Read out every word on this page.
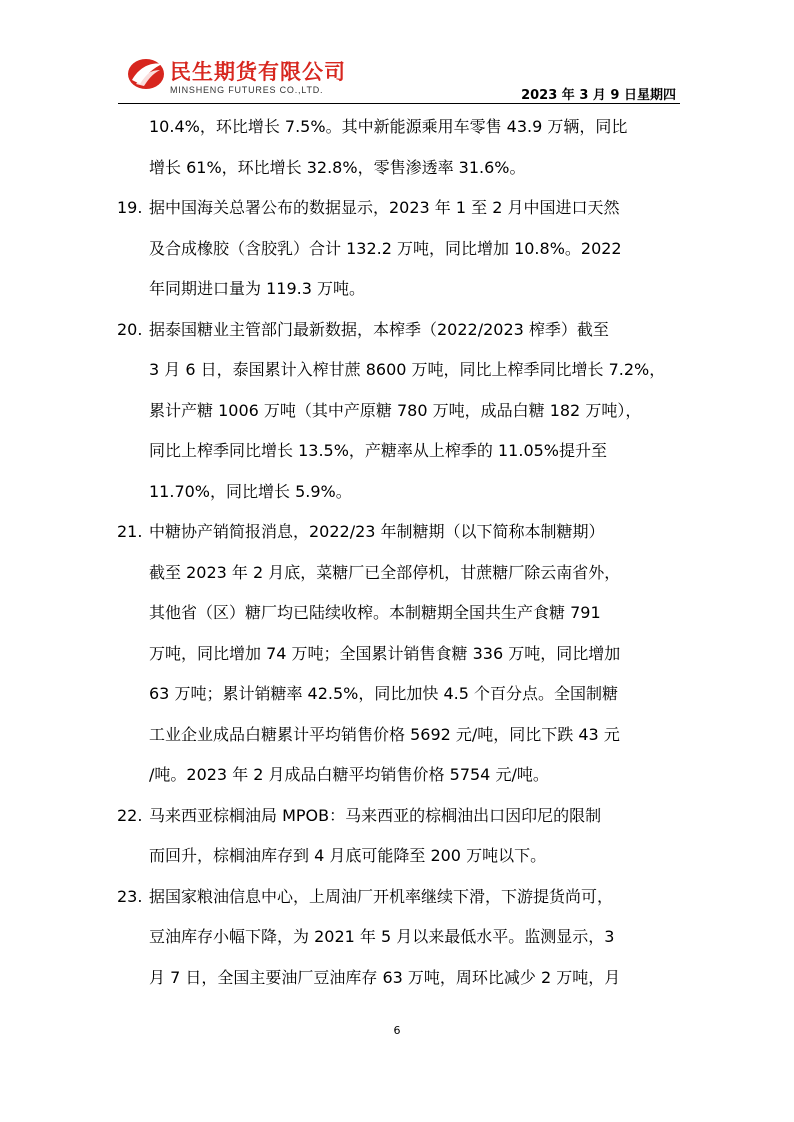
民生期货有限公司
MINSHENG FUTURES CO.,LTD.	2023 年 3 月 9 日星期四
10.4%，环比增长 7.5%。其中新能源乘用车零售 43.9 万辆，同比
增长 61%，环比增长 32.8%，零售渗透率 31.6%。
19. 据中国海关总署公布的数据显示，2023 年 1 至 2 月中国进口天然
及合成橡胶（含胶乳）合计 132.2 万吨，同比增加 10.8%。2022
年同期进口量为 119.3 万吨。
20. 据泰国糖业主管部门最新数据，本榨季（2022/2023 榨季）截至
3 月 6 日，泰国累计入榨甘蔗 8600 万吨，同比上榨季同比增长 7.2%，
累计产糖 1006 万吨（其中产原糖 780 万吨，成品白糖 182 万吨），
同比上榨季同比增长 13.5%，产糖率从上榨季的 11.05%提升至
11.70%，同比增长 5.9%。
21. 中糖协产销简报消息，2022/23 年制糖期（以下简称本制糖期）
截至 2023 年 2 月底，菜糖厂已全部停机，甘蔗糖厂除云南省外，
其他省（区）糖厂均已陆续收榨。本制糖期全国共生产食糖 791
万吨，同比增加 74 万吨；全国累计销售食糖 336 万吨，同比增加
63 万吨；累计销糖率 42.5%，同比加快 4.5 个百分点。全国制糖
工业企业成品白糖累计平均销售价格 5692 元/吨，同比下跌 43 元
/吨。2023 年 2 月成品白糖平均销售价格 5754 元/吨。
22. 马来西亚棕榈油局 MPOB：马来西亚的棕榈油出口因印尼的限制
而回升，棕榈油库存到 4 月底可能降至 200 万吨以下。
23. 据国家粮油信息中心，上周油厂开机率继续下滑，下游提货尚可，
豆油库存小幅下降，为 2021 年 5 月以来最低水平。监测显示，3
月 7 日，全国主要油厂豆油库存 63 万吨，周环比减少 2 万吨，月
6
